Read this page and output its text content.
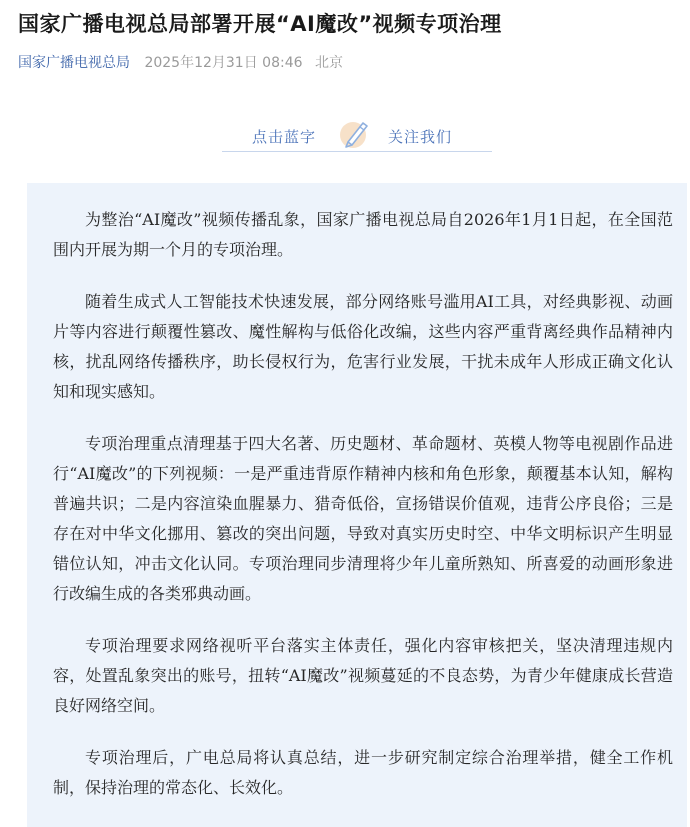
国家广播电视总局部署开展“AI魔改”视频专项治理
国家广播电视总局 2025年12月31日 08:46 北京
点击蓝字	关注我们

为整治“AI魔改”视频传播乱象，国家广播电视总局自2026年1月1日起，在全国范围内开展为期一个月的专项治理。

随着生成式人工智能技术快速发展，部分网络账号滥用AI工具，对经典影视、动画片等内容进行颠覆性篡改、魔性解构与低俗化改编，这些内容严重背离经典作品精神内核，扰乱网络传播秩序，助长侵权行为，危害行业发展，干扰未成年人形成正确文化认知和现实感知。

专项治理重点清理基于四大名著、历史题材、革命题材、英模人物等电视剧作品进行“AI魔改”的下列视频：一是严重违背原作精神内核和角色形象，颠覆基本认知，解构普遍共识；二是内容渲染血腥暴力、猎奇低俗，宣扬错误价值观，违背公序良俗；三是存在对中华文化挪用、篡改的突出问题，导致对真实历史时空、中华文明标识产生明显错位认知，冲击文化认同。专项治理同步清理将少年儿童所熟知、所喜爱的动画形象进行改编生成的各类邪典动画。

专项治理要求网络视听平台落实主体责任，强化内容审核把关，坚决清理违规内容，处置乱象突出的账号，扭转“AI魔改”视频蔓延的不良态势，为青少年健康成长营造良好网络空间。

专项治理后，广电总局将认真总结，进一步研究制定综合治理举措，健全工作机制，保持治理的常态化、长效化。
